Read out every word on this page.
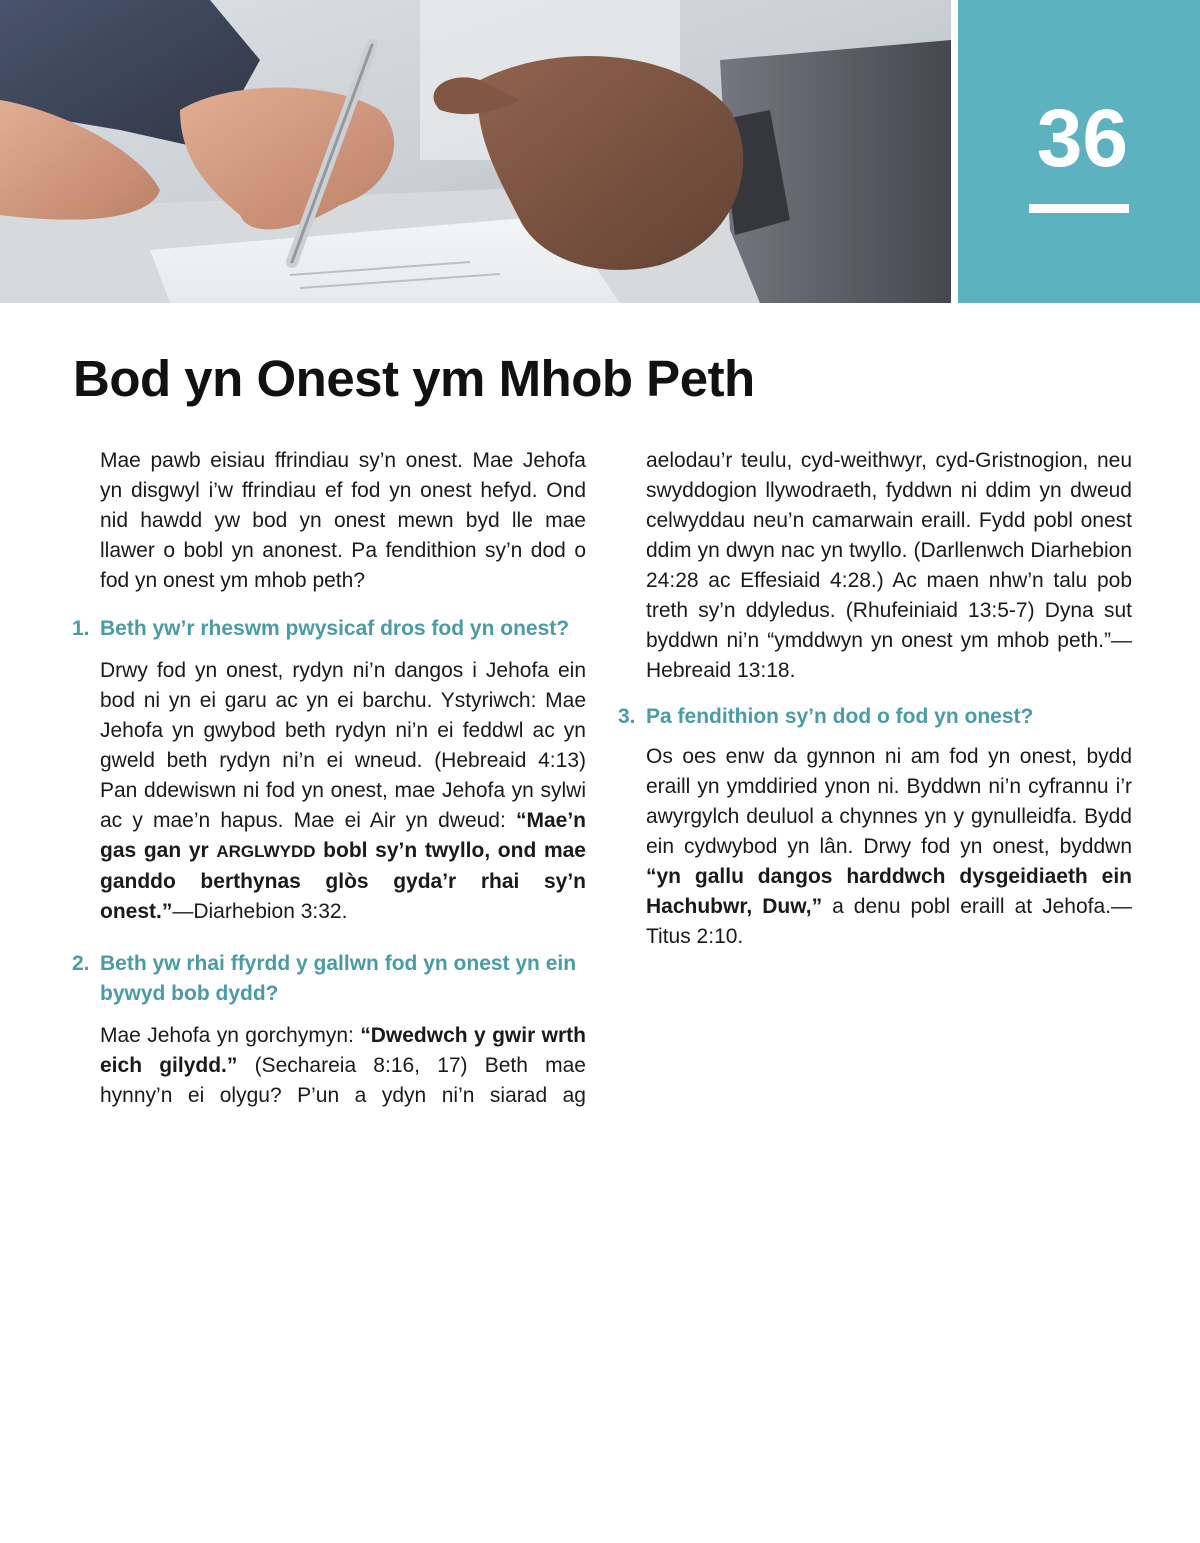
36
Bod yn Onest ym Mhob Peth

Mae pawb eisiau ffrindiau sy’n onest. Mae Jehofa yn disgwyl i’w ffrindiau ef fod yn onest hefyd. Ond nid hawdd yw bod yn onest mewn byd lle mae llawer o bobl yn anonest. Pa fendithion sy’n dod o fod yn onest ym mhob peth?

1. Beth yw’r rheswm pwysicaf dros fod yn onest?

Drwy fod yn onest, rydyn ni’n dangos i Jehofa ein bod ni yn ei garu ac yn ei barchu. Ystyriwch: Mae Jehofa yn gwybod beth rydyn ni’n ei feddwl ac yn gweld beth rydyn ni’n ei wneud. (Hebreaid 4:13) Pan ddewiswn ni fod yn onest, mae Jehofa yn sylwi ac y mae’n hapus. Mae ei Air yn dweud: “Mae’n gas gan yr ARGLWYDD bobl sy’n twyllo, ond mae ganddo berthynas glòs gyda’r rhai sy’n onest.”—Diarhebion 3:32.

2. Beth yw rhai ffyrdd y gallwn fod yn onest yn ein bywyd bob dydd?

Mae Jehofa yn gorchymyn: “Dwedwch y gwir wrth eich gilydd.” (Sechareia 8:16, 17) Beth mae hynny’n ei olygu? P’un a ydyn ni’n siarad ag

aelodau’r teulu, cyd-weithwyr, cyd-Gristnogion, neu swyddogion llywodraeth, fyddwn ni ddim yn dweud celwyddau neu’n camarwain eraill. Fydd pobl onest ddim yn dwyn nac yn twyllo. (Darllenwch Diarhebion 24:28 ac Effesiaid 4:28.) Ac maen nhw’n talu pob treth sy’n ddyledus. (Rhufeiniaid 13:5-7) Dyna sut byddwn ni’n “ymddwyn yn onest ym mhob peth.”—Hebreaid 13:18.

3. Pa fendithion sy’n dod o fod yn onest?

Os oes enw da gynnon ni am fod yn onest, bydd eraill yn ymddiried ynon ni. Byddwn ni’n cyfrannu i’r awyrgylch deuluol a chynnes yn y gynulleidfa. Bydd ein cydwybod yn lân. Drwy fod yn onest, byddwn “yn gallu dangos harddwch dysgeidiaeth ein Hachubwr, Duw,” a denu pobl eraill at Jehofa.—Titus 2:10.
